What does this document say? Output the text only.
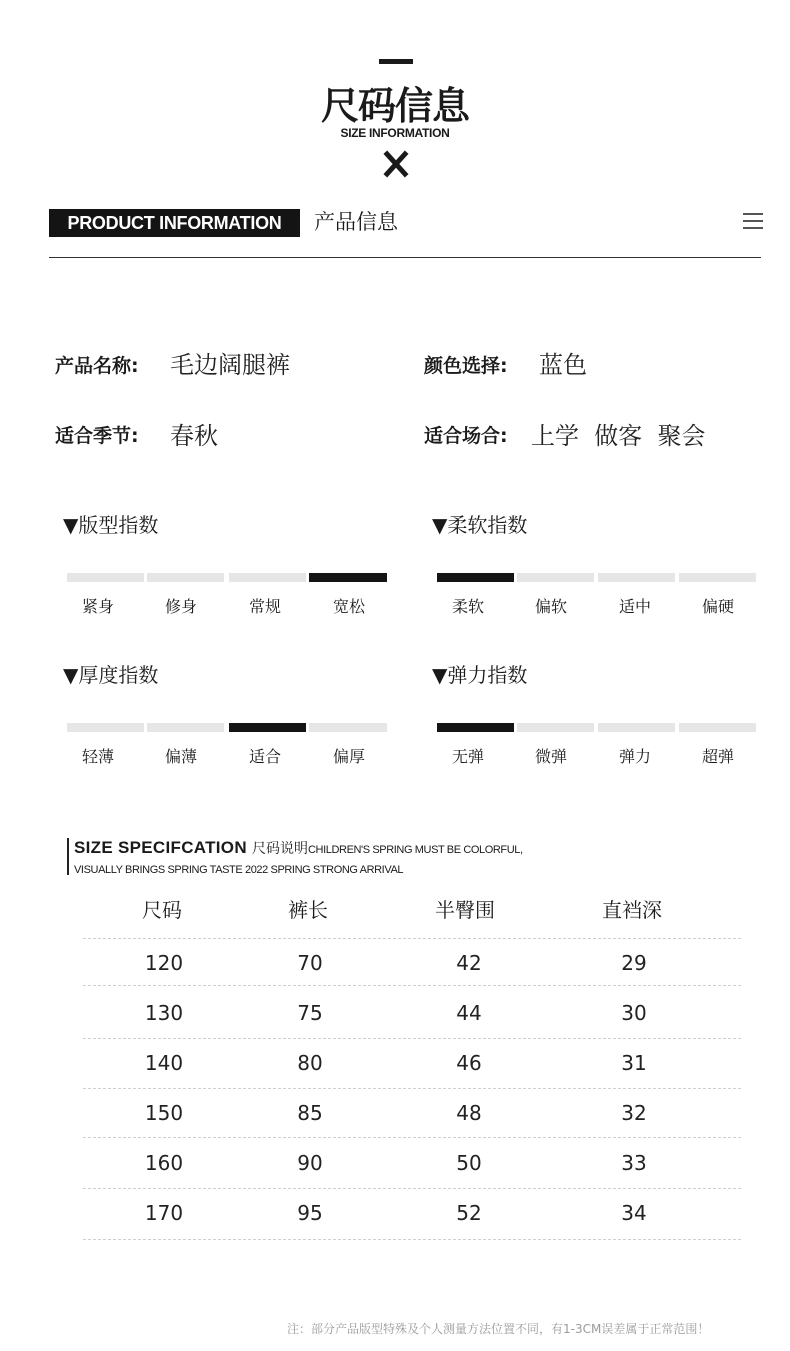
尺码信息
SIZE INFORMATION
PRODUCT INFORMATION	产品信息
产品名称: 毛边阔腿裤	颜色选择: 蓝色
适合季节: 春秋	适合场合: 上学  做客  聚会
▼版型指数
紧身	修身	常规	宽松
▼柔软指数
柔软	偏软	适中	偏硬
▼厚度指数
轻薄	偏薄	适合	偏厚
▼弹力指数
无弹	微弹	弹力	超弹
SIZE SPECIFCATION 尺码说明CHILDREN'S SPRING MUST BE COLORFUL,
VISUALLY BRINGS SPRING TASTE 2022 SPRING STRONG ARRIVAL
尺码	裤长	半臀围	直裆深
120	70	42	29
130	75	44	30
140	80	46	31
150	85	48	32
160	90	50	33
170	95	52	34
注：部分产品版型特殊及个人测量方法位置不同，有1-3CM误差属于正常范围！
